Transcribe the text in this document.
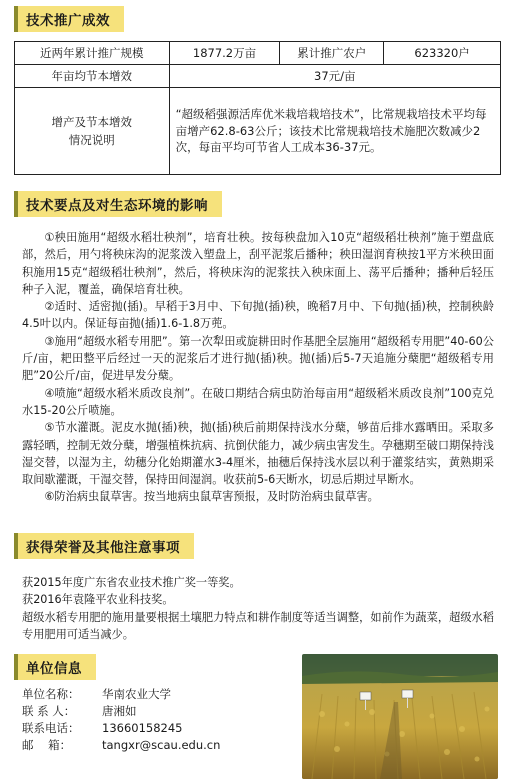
技术推广成效
近两年累计推广规模	1877.2万亩	累计推广农户	623320户
年亩均节本增效	37元/亩		
增产及节本增效
情况说明	“超级稻强源活库优米栽培栽培技术”，比常规栽培技术平均每亩增产62.8-63公斤；该技术比常规栽培技术施肥次数减少2次，每亩平均可节省人工成本36-37元。		
技术要点及对生态环境的影响

①秧田施用“超级水稻壮秧剂”，培育壮秧。按每秧盘加入10克“超级稻壮秧剂”施于塑盘底部，然后，用勺将秧床沟的泥浆泼入塑盘上，刮平泥浆后播种；秧田湿润育秧按1平方米秧田面积施用15克“超级稻壮秧剂”，然后，将秧床沟的泥浆扶入秧床面上、荡平后播种；播种后轻压种子入泥，覆盖，确保培育壮秧。

②适时、适密抛(插)。早稻于3月中、下旬抛(插)秧，晚稻7月中、下旬抛(插)秧，控制秧龄4.5叶以内。保证每亩抛(插)1.6-1.8万蔸。

③施用“超级水稻专用肥”。第一次犁田或旋耕田时作基肥全层施用“超级稻专用肥”40-60公斤/亩，耙田整平后经过一天的泥浆后才进行抛(插)秧。抛(插)后5-7天追施分蘖肥“超级稻专用肥”20公斤/亩，促进早发分蘖。

④喷施“超级水稻米质改良剂”。在破口期结合病虫防治每亩用“超级稻米质改良剂”100克兑水15-20公斤喷施。

⑤节水灌溉。泥皮水抛(插)秧，抛(插)秧后前期保持浅水分蘖，够苗后排水露晒田。采取多露轻晒，控制无效分蘖，增强植株抗病、抗倒伏能力，减少病虫害发生。孕穗期至破口期保持浅湿交替，以湿为主，幼穗分化始期灌水3-4厘米，抽穗后保持浅水层以利于灌浆结实，黄熟期采取间歇灌溉，干湿交替，保持田间湿润。收获前5-6天断水，切忌后期过早断水。

⑥防治病虫鼠草害。按当地病虫鼠草害预报，及时防治病虫鼠草害。

获得荣誉及其他注意事项

获2015年度广东省农业技术推广奖一等奖。

获2016年袁隆平农业科技奖。

超级水稻专用肥的施用量要根据土壤肥力特点和耕作制度等适当调整，如前作为蔬菜，超级水稻专用肥用可适当减少。

单位信息
单位名称：	华南农业大学
联 系 人：	唐湘如
联系电话：	13660158245
邮    箱：	tangxr@scau.edu.cn
